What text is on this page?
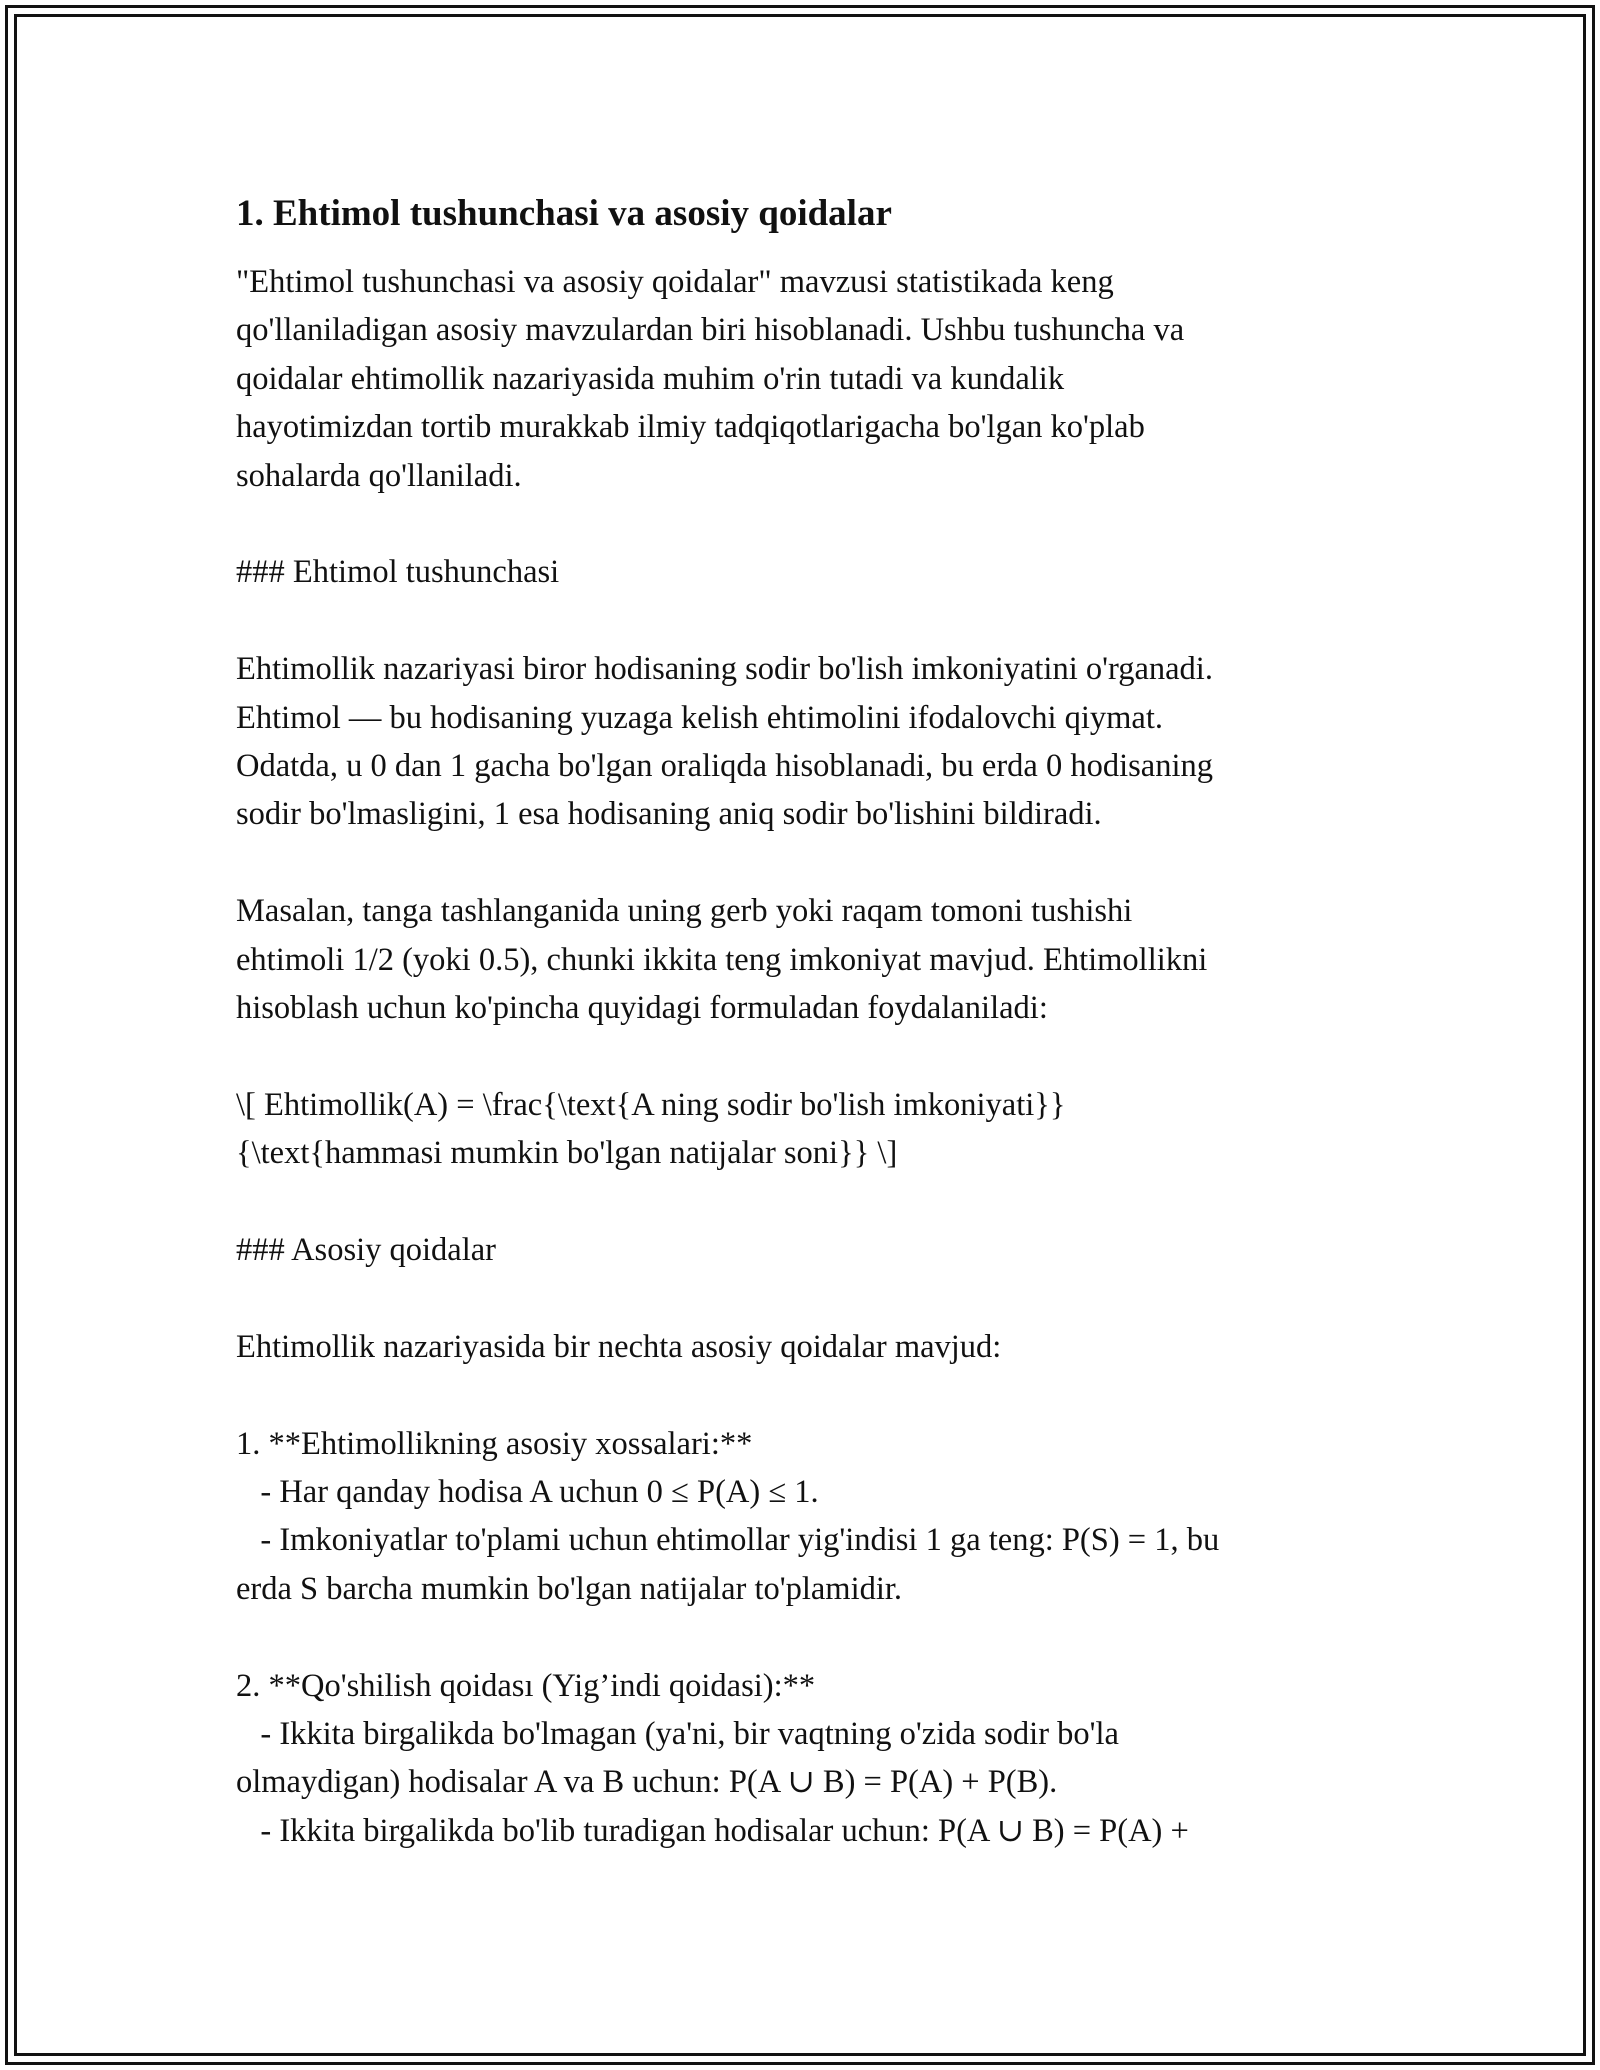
1. Ehtimol tushunchasi va asosiy qoidalar

"Ehtimol tushunchasi va asosiy qoidalar" mavzusi statistikada keng
qo'llaniladigan asosiy mavzulardan biri hisoblanadi. Ushbu tushuncha va
qoidalar ehtimollik nazariyasida muhim o'rin tutadi va kundalik
hayotimizdan tortib murakkab ilmiy tadqiqotlarigacha bo'lgan ko'plab
sohalarda qo'llaniladi.

### Ehtimol tushunchasi

Ehtimollik nazariyasi biror hodisaning sodir bo'lish imkoniyatini o'rganadi.
Ehtimol — bu hodisaning yuzaga kelish ehtimolini ifodalovchi qiymat.
Odatda, u 0 dan 1 gacha bo'lgan oraliqda hisoblanadi, bu erda 0 hodisaning
sodir bo'lmasligini, 1 esa hodisaning aniq sodir bo'lishini bildiradi.

Masalan, tanga tashlanganida uning gerb yoki raqam tomoni tushishi
ehtimoli 1/2 (yoki 0.5), chunki ikkita teng imkoniyat mavjud. Ehtimollikni
hisoblash uchun ko'pincha quyidagi formuladan foydalaniladi:

\[ Ehtimollik(A) = \frac{\text{A ning sodir bo'lish imkoniyati}}
{\text{hammasi mumkin bo'lgan natijalar soni}} \]

### Asosiy qoidalar

Ehtimollik nazariyasida bir nechta asosiy qoidalar mavjud:

1. **Ehtimollikning asosiy xossalari:**
- Har qanday hodisa A uchun 0 ≤ P(A) ≤ 1.
- Imkoniyatlar to'plami uchun ehtimollar yig'indisi 1 ga teng: P(S) = 1, bu
erda S barcha mumkin bo'lgan natijalar to'plamidir.

2. **Qo'shilish qoidası (Yig’indi qoidasi):**
- Ikkita birgalikda bo'lmagan (ya'ni, bir vaqtning o'zida sodir bo'la
olmaydigan) hodisalar A va B uchun: P(A ∪ B) = P(A) + P(B).
- Ikkita birgalikda bo'lib turadigan hodisalar uchun: P(A ∪ B) = P(A) +
